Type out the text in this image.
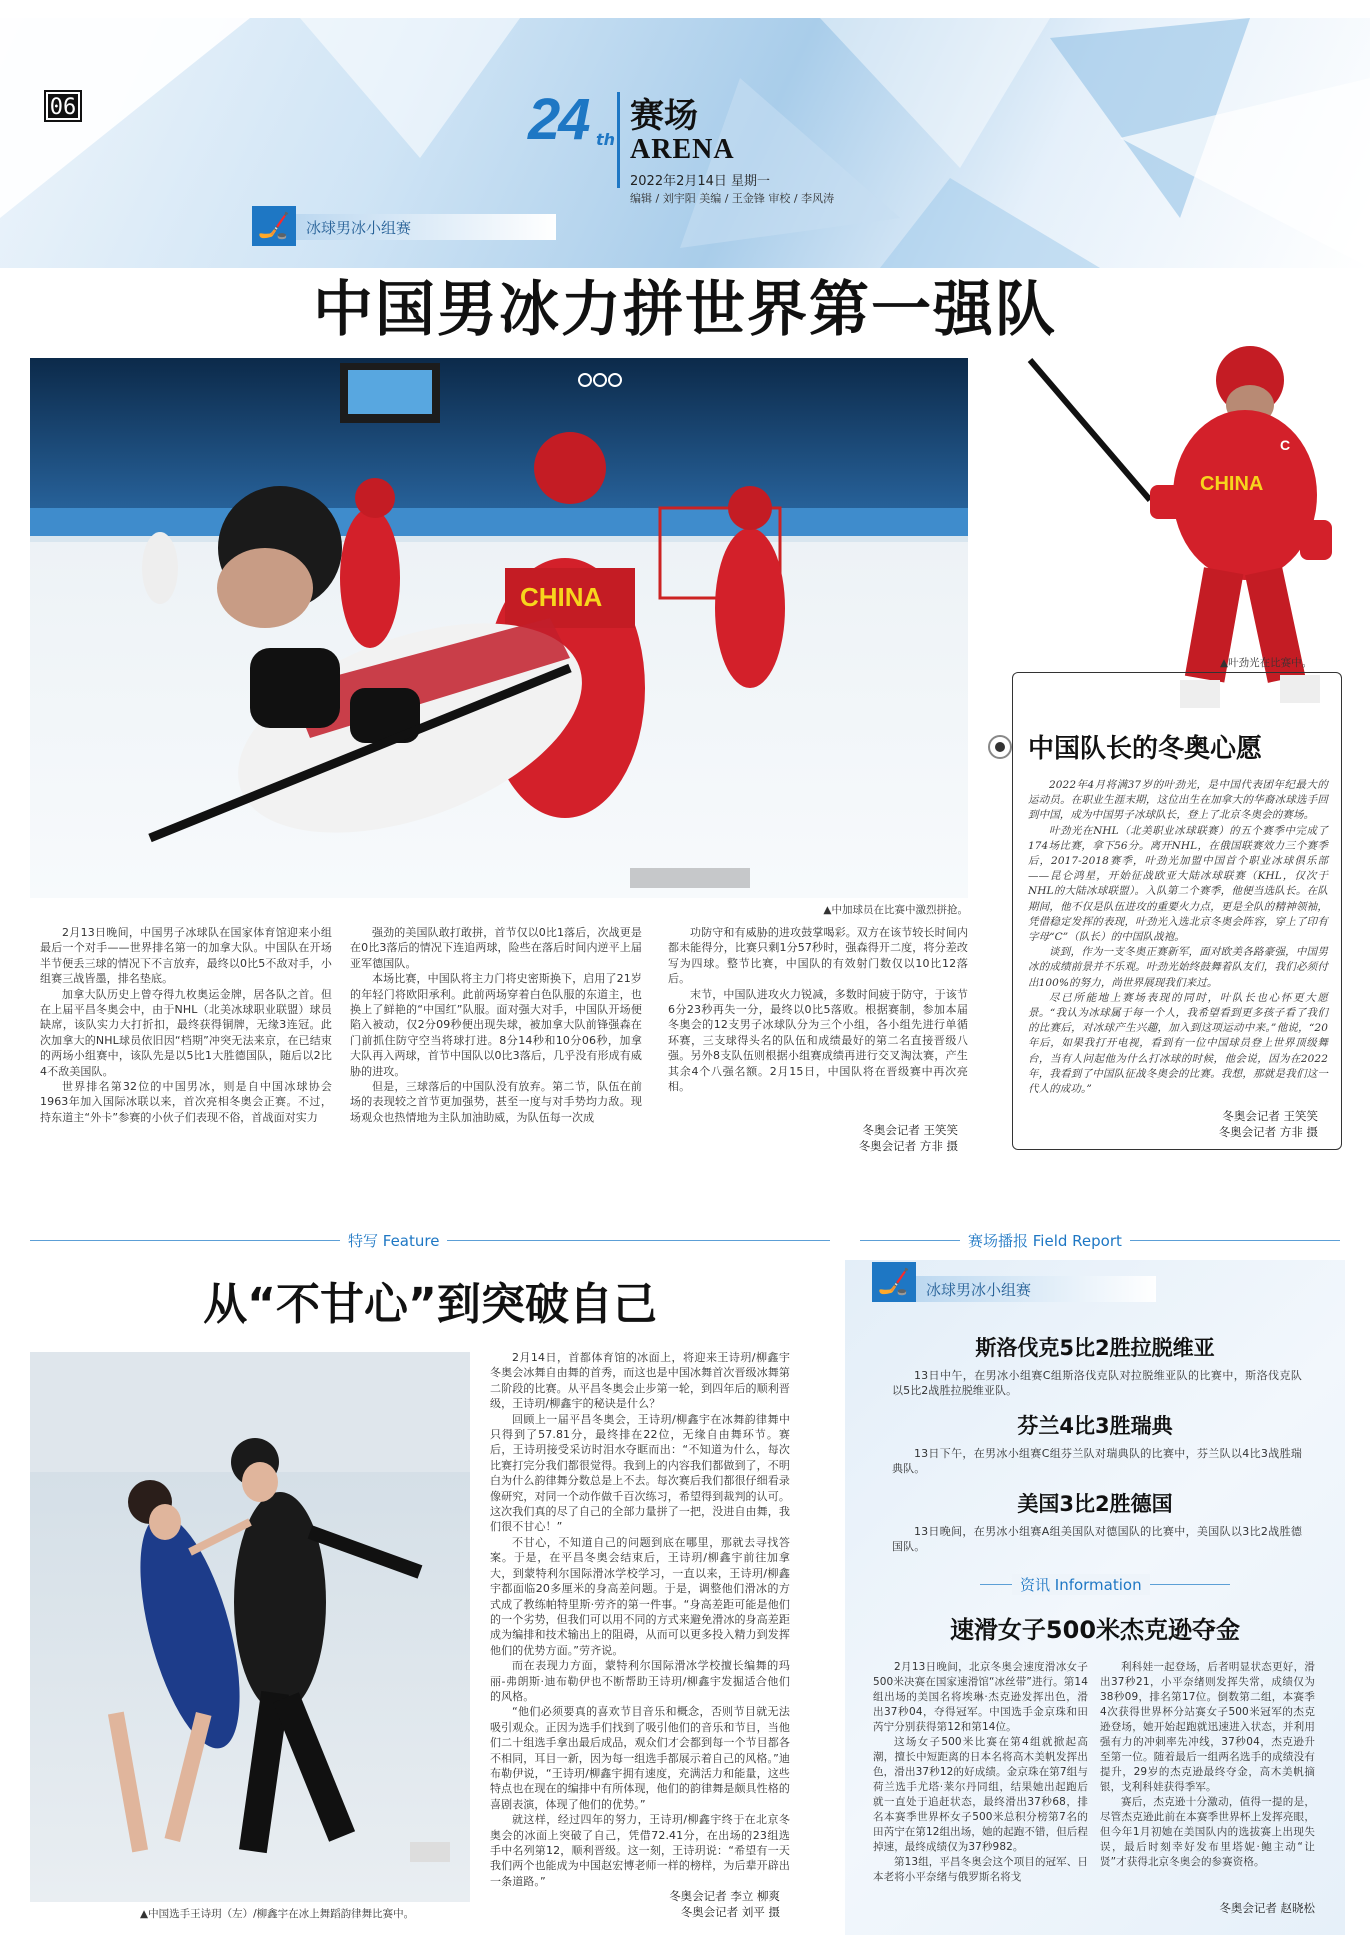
06	24 th
赛场
ARENA
2022年2月14日 星期一
编辑 / 刘宇阳 美编 / 王金锋 审校 / 李风涛
🏒	冰球男冰小组赛
中国男冰力拼世界第一强队
CHINA
▲中加球员在比赛中激烈拼抢。
CHINA
C
▲叶劲光在比赛中。

2月13日晚间，中国男子冰球队在国家体育馆迎来小组最后一个对手——世界排名第一的加拿大队。中国队在开场半节便丢三球的情况下不言放弃，最终以0比5不敌对手，小组赛三战皆墨，排名垫底。

加拿大队历史上曾夺得九枚奥运金牌，居各队之首。但在上届平昌冬奥会中，由于NHL（北美冰球职业联盟）球员缺席，该队实力大打折扣，最终获得铜牌，无缘3连冠。此次加拿大的NHL球员依旧因“档期”冲突无法来京，在已结束的两场小组赛中，该队先是以5比1大胜德国队，随后以2比4不敌美国队。

世界排名第32位的中国男冰，则是自中国冰球协会1963年加入国际冰联以来，首次亮相冬奥会正赛。不过，持东道主“外卡”参赛的小伙子们表现不俗，首战面对实力

强劲的美国队敢打敢拼，首节仅以0比1落后，次战更是在0比3落后的情况下连追两球，险些在落后时间内逆平上届亚军德国队。

本场比赛，中国队将主力门将史密斯换下，启用了21岁的年轻门将欧阳承利。此前两场穿着白色队服的东道主，也换上了鲜艳的“中国红”队服。面对强大对手，中国队开场便陷入被动，仅2分09秒便出现失球，被加拿大队前锋强森在门前抓住防守空当将球打进。8分14秒和10分06秒，加拿大队再入两球，首节中国队以0比3落后，几乎没有形成有威胁的进攻。

但是，三球落后的中国队没有放弃。第二节，队伍在前场的表现较之首节更加强势，甚至一度与对手势均力敌。现场观众也热情地为主队加油助威，为队伍每一次成

功防守和有威胁的进攻鼓掌喝彩。双方在该节较长时间内都未能得分，比赛只剩1分57秒时，强森得开二度，将分差改写为四球。整节比赛，中国队的有效射门数仅以10比12落后。

末节，中国队进攻火力锐减，多数时间疲于防守，于该节6分23秒再失一分，最终以0比5落败。根据赛制，参加本届冬奥会的12支男子冰球队分为三个小组，各小组先进行单循环赛，三支球得头名的队伍和成绩最好的第二名直接晋级八强。另外8支队伍则根据小组赛成绩再进行交叉淘汰赛，产生其余4个八强名额。2月15日，中国队将在晋级赛中再次亮相。

冬奥会记者 王笑笑
冬奥会记者 方非 摄
中国队长的冬奥心愿

2022年4月将满37岁的叶劲光，是中国代表团年纪最大的运动员。在职业生涯末期，这位出生在加拿大的华裔冰球选手回到中国，成为中国男子冰球队长，登上了北京冬奥会的赛场。

叶劲光在NHL（北美职业冰球联赛）的五个赛季中完成了174场比赛，拿下56分。离开NHL，在俄国联赛效力三个赛季后，2017-2018赛季，叶劲光加盟中国首个职业冰球俱乐部——昆仑鸿星，开始征战欧亚大陆冰球联赛（KHL，仅次于NHL的大陆冰球联盟）。入队第二个赛季，他便当选队长。在队期间，他不仅是队伍进攻的重要火力点，更是全队的精神领袖，凭借稳定发挥的表现，叶劲光入选北京冬奥会阵容，穿上了印有字母“C”（队长）的中国队战袍。

谈到，作为一支冬奥正赛新军，面对欧美各路豪强，中国男冰的成绩前景并不乐观。叶劲光始终鼓舞着队友们，我们必须付出100%的努力，尚世界展现我们来过。

尽已所能地上赛场表现的同时，叶队长也心怀更大愿景。“我认为冰球属于每一个人，我希望看到更多孩子看了我们的比赛后，对冰球产生兴趣，加入到这项运动中来。”他说，“20年后，如果我打开电视，看到有一位中国球员登上世界顶级舞台，当有人问起他为什么打冰球的时候，他会说，因为在2022年，我看到了中国队征战冬奥会的比赛。我想，那就是我们这一代人的成功。”

冬奥会记者 王笑笑
冬奥会记者 方非 摄
特写 Feature
从“不甘心”到突破自己
▲中国选手王诗玥（左）/柳鑫宇在冰上舞蹈韵律舞比赛中。

2月14日，首都体育馆的冰面上，将迎来王诗玥/柳鑫宇冬奥会冰舞自由舞的首秀，而这也是中国冰舞首次晋级冰舞第二阶段的比赛。从平昌冬奥会止步第一轮，到四年后的顺利晋级，王诗玥/柳鑫宇的秘诀是什么？

回顾上一届平昌冬奥会，王诗玥/柳鑫宇在冰舞韵律舞中只得到了57.81分，最终排在22位，无缘自由舞环节。赛后，王诗玥接受采访时泪水夺眶而出：“不知道为什么，每次比赛打完分我们都很觉得。我到上的内容我们都做到了，不明白为什么韵律舞分数总是上不去。每次赛后我们都很仔细看录像研究，对同一个动作做千百次练习，希望得到裁判的认可。这次我们真的尽了自己的全部力量拼了一把，没进自由舞，我们很不甘心！”

不甘心，不知道自己的问题到底在哪里，那就去寻找答案。于是，在平昌冬奥会结束后，王诗玥/柳鑫宇前往加拿大，到蒙特利尔国际滑冰学校学习，一直以来，王诗玥/柳鑫宇都面临20多厘米的身高差问题。于是，调整他们滑冰的方式成了教练帕特里斯·劳齐的第一件事。“身高差距可能是他们的一个劣势，但我们可以用不同的方式来避免滑冰的身高差距成为编排和技术输出上的阻碍，从而可以更多投入精力到发挥他们的优势方面。”劳齐说。

而在表现力方面，蒙特利尔国际滑冰学校擅长编舞的玛丽-弗朗斯·迪布勒伊也不断帮助王诗玥/柳鑫宇发掘适合他们的风格。

“他们必须要真的喜欢节目音乐和概念，否则节目就无法吸引观众。正因为选手们找到了吸引他们的音乐和节目，当他们二十组选手拿出最后成品，观众们才会都到每一个节目都各不相同，耳目一新，因为每一组选手都展示着自己的风格。”迪布勒伊说，“王诗玥/柳鑫宇拥有速度，充满活力和能量，这些特点也在现在的编排中有所体现，他们的韵律舞是颇具性格的喜剧表演，体现了他们的优势。”

就这样，经过四年的努力，王诗玥/柳鑫宇终于在北京冬奥会的冰面上突破了自己，凭借72.41分，在出场的23组选手中名列第12，顺利晋级。这一刻，王诗玥说：“希望有一天我们两个也能成为中国赵宏博老师一样的榜样，为后辈开辟出一条道路。”

冬奥会记者 李立 柳爽
冬奥会记者 刘平 摄
赛场播报 Field Report
🏒	冰球男冰小组赛
斯洛伐克5比2胜拉脱维亚

13日中午，在男冰小组赛C组斯洛伐克队对拉脱维亚队的比赛中，斯洛伐克队以5比2战胜拉脱维亚队。

芬兰4比3胜瑞典

13日下午，在男冰小组赛C组芬兰队对瑞典队的比赛中，芬兰队以4比3战胜瑞典队。

美国3比2胜德国

13日晚间，在男冰小组赛A组美国队对德国队的比赛中，美国队以3比2战胜德国队。

资讯 Information
速滑女子500米杰克逊夺金

2月13日晚间，北京冬奥会速度滑冰女子500米决赛在国家速滑馆“冰丝带”进行。第14组出场的美国名将埃琳·杰克逊发挥出色，滑出37秒04，夺得冠军。中国选手金京珠和田芮宁分别获得第12和第14位。

这场女子500米比赛在第4组就掀起高潮，擅长中短距离的日本名将高木美帆发挥出色，滑出37秒12的好成绩。金京珠在第7组与荷兰选手尤塔·莱尔丹同组，结果她出起跑后就一直处于追赶状态，最终滑出37秒68，排名本赛季世界杯女子500米总积分榜第7名的田芮宁在第12组出场，她的起跑不错，但后程掉速，最终成绩仅为37秒982。

第13组，平昌冬奥会这个项目的冠军、日本老将小平奈绪与俄罗斯名将戈

利科娃一起登场，后者明显状态更好，滑出37秒21，小平奈绪则发挥失常，成绩仅为38秒09，排名第17位。倒数第二组，本赛季4次获得世界杯分站赛女子500米冠军的杰克逊登场，她开始起跑就迅速进入状态，并利用强有力的冲刺率先冲线，37秒04，杰克逊升至第一位。随着最后一组两名选手的成绩没有提升，29岁的杰克逊最终夺金，高木美帆摘银，戈利科娃获得季军。

赛后，杰克逊十分激动，值得一提的是，尽管杰克逊此前在本赛季世界杯上发挥亮眼，但今年1月初她在美国队内的选拔赛上出现失误，最后时刻幸好发布里塔妮·鲍主动“让贤”才获得北京冬奥会的参赛资格。

冬奥会记者 赵晓松
